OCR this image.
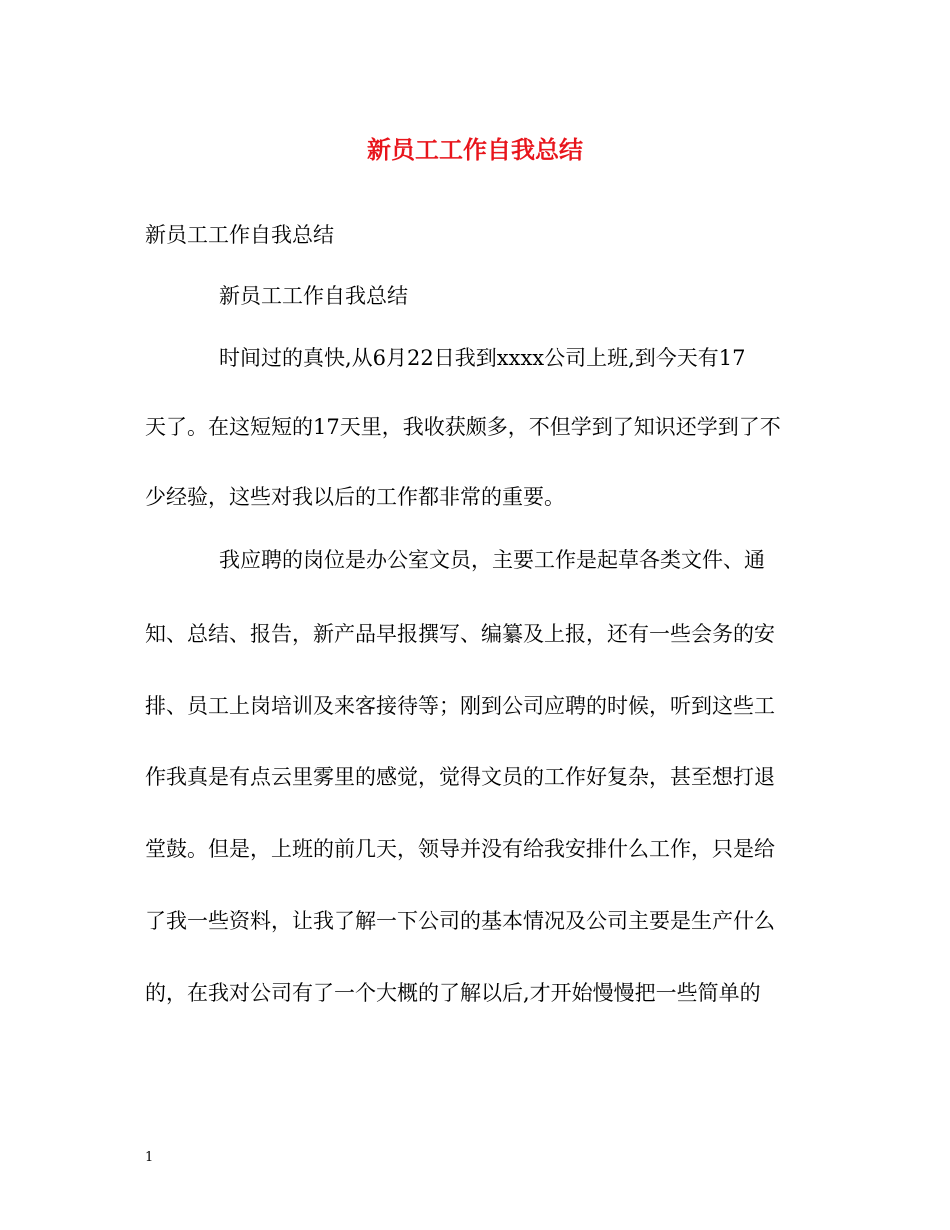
新员工工作自我总结

新员工工作自我总结

新员工工作自我总结

时间过的真快,从6月22日我到xxxx公司上班,到今天有17

天了。在这短短的17天里，我收获颇多，不但学到了知识还学到了不

少经验，这些对我以后的工作都非常的重要。

我应聘的岗位是办公室文员，主要工作是起草各类文件、通

知、总结、报告，新产品早报撰写、编纂及上报，还有一些会务的安

排、员工上岗培训及来客接待等；刚到公司应聘的时候，听到这些工

作我真是有点云里雾里的感觉，觉得文员的工作好复杂，甚至想打退

堂鼓。但是，上班的前几天，领导并没有给我安排什么工作，只是给

了我一些资料，让我了解一下公司的基本情况及公司主要是生产什么

的，在我对公司有了一个大概的了解以后,才开始慢慢把一些简单的

1
